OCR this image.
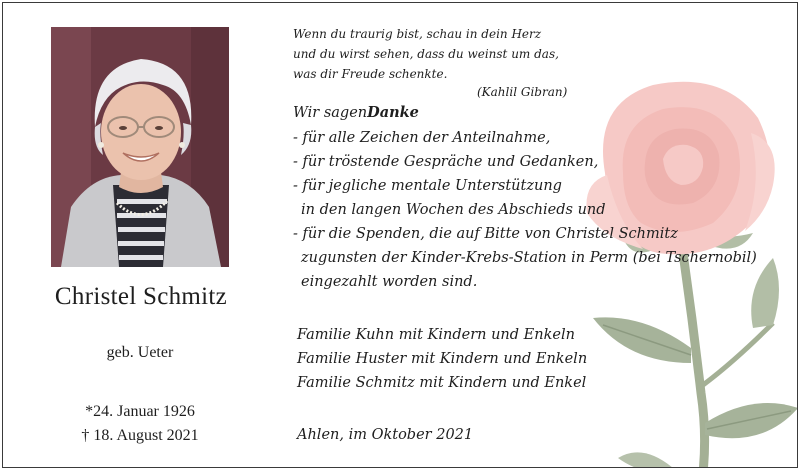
Christel Schmitz
geb. Ueter
*24. Januar 1926
† 18. August 2021
Wenn du traurig bist, schau in dein Herz
und du wirst sehen, dass du weinst um das,
was dir Freude schenkte.
(Kahlil Gibran)
Wir sagenDanke
- für alle Zeichen der Anteilnahme,
- für tröstende Gespräche und Gedanken,
- für jegliche mentale Unterstützung
in den langen Wochen des Abschieds und
- für die Spenden, die auf Bitte von Christel Schmitz
zugunsten der Kinder-Krebs-Station in Perm (bei Tschernobil)
eingezahlt worden sind.
Familie Kuhn mit Kindern und Enkeln
Familie Huster mit Kindern und Enkeln
Familie Schmitz mit Kindern und Enkel
Ahlen, im Oktober 2021
